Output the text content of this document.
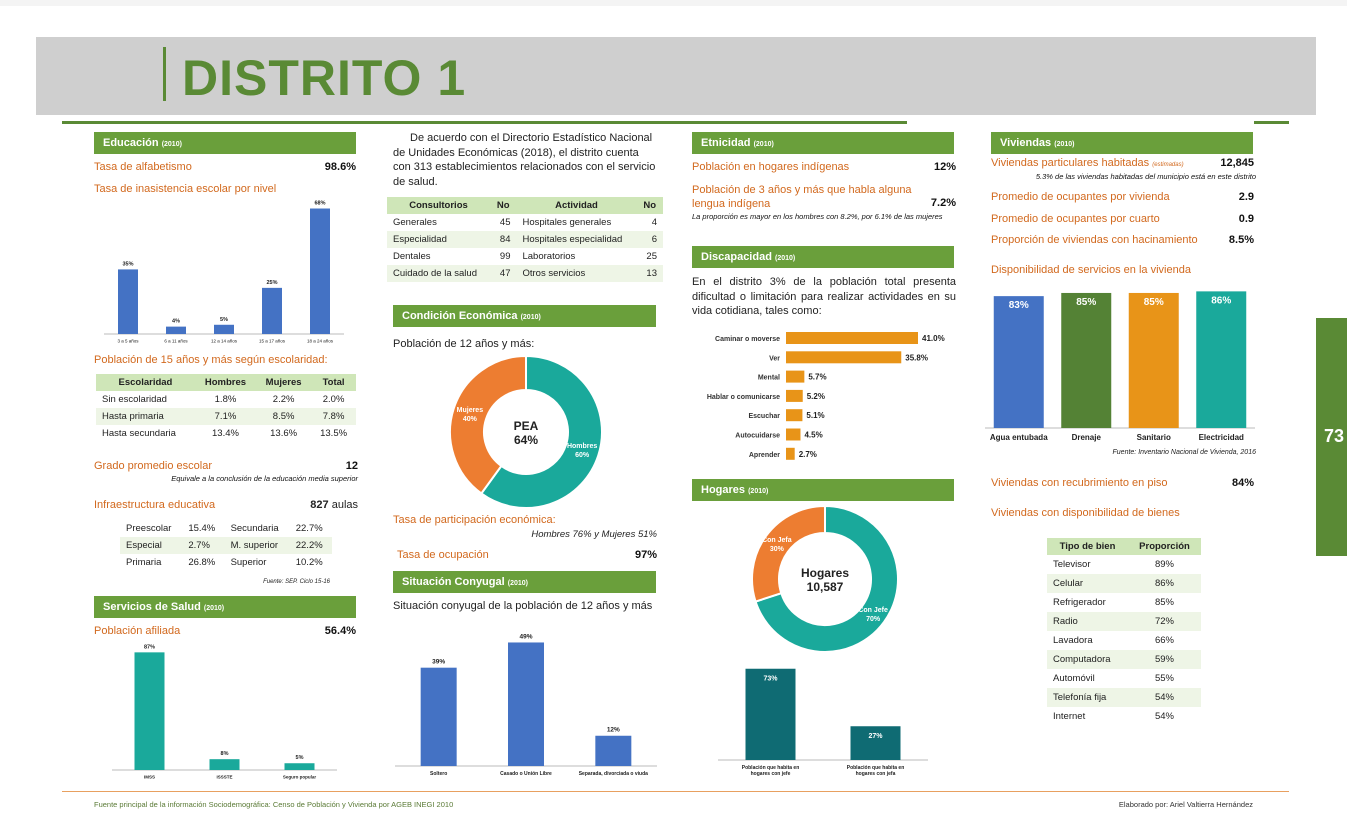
DISTRITO 1
Educación (2010)
Tasa de alfabetismo	98.6%
Tasa de inasistencia escolar por nivel
35%
3 a 5 años
4%
6 a 11 años
5%
12 a 14 años
25%
15 a 17 años
68%
18 a 24 años
Población de 15 años y más según escolaridad:
Escolaridad	Hombres	Mujeres	Total
Sin escolaridad	1.8%	2.2%	2.0%
Hasta primaria	7.1%	8.5%	7.8%
Hasta secundaria	13.4%	13.6%	13.5%
Grado promedio escolar	12
Equivale a la conclusión de la educación media superior
Infraestructura educativa	827 aulas
Preescolar	15.4%	Secundaria	22.7%
Especial	2.7%	M. superior	22.2%
Primaria	26.8%	Superior	10.2%
Fuente: SEP. Ciclo 15-16
Servicios de Salud (2010)
Población afiliada	56.4%
87%
IMSS
8%
ISSSTE
5%
Seguro popular
De acuerdo con el Directorio Estadístico Nacional de Unidades Económicas (2018), el distrito cuenta con 313 establecimientos relacionados con el servicio de salud.
Consultorios	No	Actividad	No
Generales	45	Hospitales generales	4
Especialidad	84	Hospitales especialidad	6
Dentales	99	Laboratorios	25
Cuidado de la salud	47	Otros servicios	13
Condición Económica (2010)
Población de 12 años y más:
Hombres
60%
Mujeres
40%	PEA
64%
Tasa de participación económica:
Hombres 76% y Mujeres 51%
Tasa de ocupación	97%
Situación Conyugal (2010)
Situación conyugal de la población de 12 años y más
39%
Soltero
49%
Casado o Unión Libre
12%
Separada, divorciada o viuda
Etnicidad (2010)
Población en hogares indígenas	12%
Población de 3 años y más que habla alguna lengua indígena	7.2%
La proporción es mayor en los hombres con 8.2%, por 6.1% de las mujeres
Discapacidad (2010)
En el distrito 3% de la población total presenta dificultad o limitación para realizar actividades en su vida cotidiana, tales como:
Caminar o moverse	41.0%
Ver	35.8%
Mental	5.7%
Hablar o comunicarse	5.2%
Escuchar	5.1%
Autocuidarse	4.5%
Aprender 2.7%
Hogares (2010)
Con Jefe
70%
Con Jefa
30%
Hogares
10,587
73%
Población que habita en
hogares con jefe
27%
Población que habita en
hogares con jefa
Viviendas (2010)
Viviendas particulares habitadas (estimadas)	12,845
5.3% de las viviendas habitadas del municipio está en este distrito
Promedio de ocupantes por vivienda	2.9
Promedio de ocupantes por cuarto	0.9
Proporción de viviendas con hacinamiento	8.5%
Disponibilidad de servicios en la vivienda
83%
Agua entubada
85%
Drenaje
85%
Sanitario
86%
Electricidad
Fuente: Inventario Nacional de Vivienda, 2016
Viviendas con recubrimiento en piso	84%
Viviendas con disponibilidad de bienes
Tipo de bien	Proporción
Televisor	89%
Celular	86%
Refrigerador	85%
Radio	72%
Lavadora	66%
Computadora	59%
Automóvil	55%
Telefonía fija	54%
Internet	54%
73
Fuente principal de la información Sociodemográfica: Censo de Población y Vivienda por AGEB INEGI 2010	Elaborado por: Ariel Valtierra Hernández
